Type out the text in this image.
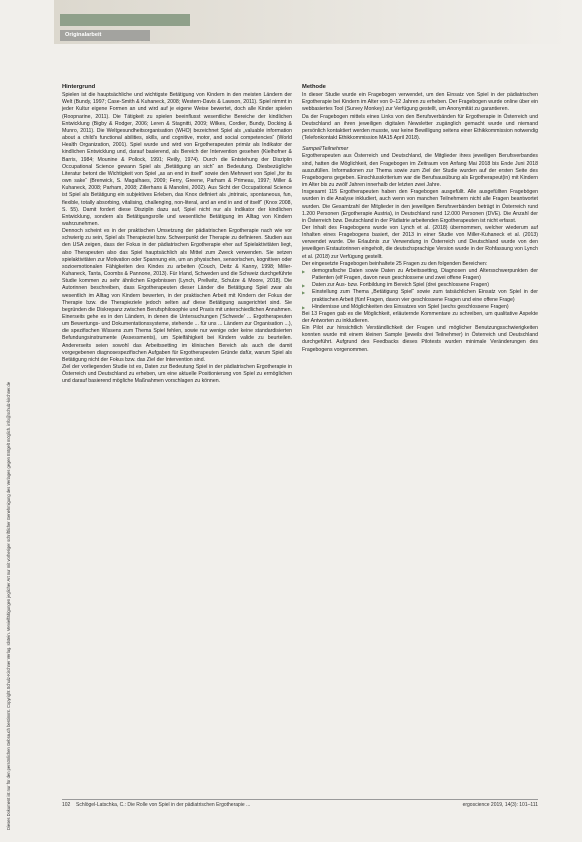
Originalarbeit
Dieses Dokument ist nur für den persönlichen Gebrauch bestimmt. Copyright Schulz-Kirchner Verlag. Idstein. Vervielfältigungen jeglicher Art nur mit vorheriger schriftlicher Genehmigung des Verlages gegen Entgelt möglich. info@schulz-kirchner.de
Hintergrund

Spielen ist die hauptsächliche und wichtigste Betätigung von Kindern in den meisten Ländern der Welt (Bundy, 1997; Case-Smith & Kuhaneck, 2008; Western-Davis & Lawson, 2011). Spiel nimmt in jeder Kultur eigene Formen an und wird auf je eigene Weise bewertet, doch alle Kinder spielen (Roopnarine, 2011). Die Tätigkeit zu spielen beeinflusst wesentliche Bereiche der kindlichen Entwicklung (Bigby & Rodger, 2006; Leren & Stagnitti, 2009; Wilkes, Cordier, Bundy, Docking & Munro, 2011). Die Weltgesundheitsorganisation (WHO) bezeichnet Spiel als „valuable information about a child's functional abilities, skills, and cognitive, motor, and social competencies“ (World Health Organization, 2001). Spiel wurde und wird von Ergotherapeuten primär als Indikator der kindlichen Entwicklung und, darauf basierend, als Bereich der Intervention gesehen (Kielhofner & Barris, 1984; Mounine & Pollock, 1991; Reilly, 1974). Durch die Entstehung der Disziplin Occupational Science gewann Spiel als „Betätigung an sich“ an Bedeutung. Diesbezügliche Literatur betont die Wichtigkeit von Spiel „as an end in itself“ sowie den Mehrwert von Spiel „for its own sake“ (Brenwick, S. Magalhaes, 2009; Ferry, Greene, Parham & Primeau, 1997; Miller & Kuhaneck, 2008; Parham, 2008; Zillerhans & Manolini, 2002). Aus Sicht der Occupational Science ist Spiel als Betätigung ein subjektives Erleben, das Knox definiert als „intrinsic, spontaneous, fun, flexible, totally absorbing, vitalising, challenging, non-literal, and an end in and of itself“ (Knox 2008, S. 55). Damit fordert diese Disziplin dazu auf, Spiel nicht nur als Indikator der kindlichen Entwicklung, sondern als Betätigungsrolle und wesentliche Betätigung im Alltag von Kindern wahrzunehmen.

Dennoch scheint es in der praktischen Umsetzung der pädiatrischen Ergotherapie nach wie vor schwierig zu sein, Spiel als Therapieziel bzw. Schwerpunkt der Therapie zu definieren. Studien aus den USA zeigen, dass der Fokus in der pädiatrischen Ergotherapie eher auf Spielaktivitäten liegt, also Therapeuten also das Spiel hauptsächlich als Mittel zum Zweck verwenden. Sie setzen spielaktivitäten zur Motivation oder Spannung ein, um an physischen, sensorischen, kognitiven oder sozioemotionalen Fähigkeiten des Kindes zu arbeiten (Couch, Deitz & Kanny, 1998; Miller-Kuhaneck, Tanta, Coombs & Pannone, 2013). Für Irland, Schweden und die Schweiz durchgeführte Studie kommen zu sehr ähnlichen Ergebnissen (Lynch, Prellwitz, Schulze & Moore, 2018). Die Autorinnen beschreiben, dass Ergotherapeuten dieser Länder die Betätigung Spiel zwar als wesentlich im Alltag von Kindern bewerten, in der praktischen Arbeit mit Kindern der Fokus der Therapie bzw. die Therapieziele jedoch selten auf diese Betätigung ausgerichtet sind. Sie begründen die Diskrepanz zwischen Berufsphilosophie und Praxis mit unterschiedlichen Annahmen. Einerseits gehe es in den Ländern, in denen die Untersuchungen ('Schwede' ... Ergotherapeuten um Bewertungs- und Dokumentationssysteme, stehende ... für uns ... Ländern zur Organisation ...), die spezifischen Wissens zum Thema Spiel fehlen, sowie nur wenige oder keine standardisierten Befundungsinstrumente (Assessments), um Spielfähigkeit bei Kindern valide zu beurteilen. Andererseits seien sowohl das Arbeitssetting im klinischen Bereich als auch die damit vorgegebenen diagnosespezifischen Aufgaben für Ergotherapeuten Gründe dafür, warum Spiel als Betätigung nicht der Fokus bzw. das Ziel der Intervention sind.

Ziel der vorliegenden Studie ist es, Daten zur Bedeutung Spiel in der pädiatrischen Ergotherapie in Österreich und Deutschland zu erheben, um eine aktuelle Positionierung von Spiel zu ermöglichen und darauf basierend mögliche Maßnahmen vorschlagen zu können.

Methode

In dieser Studie wurde ein Fragebogen verwendet, um den Einsatz von Spiel in der pädiatrischen Ergotherapie bei Kindern im Alter von 0–12 Jahren zu erheben. Der Fragebogen wurde online über ein webbasiertes Tool (Survey Monkey) zur Verfügung gestellt, um Anonymität zu garantieren.

Da der Fragebogen mittels eines Links von den Berufsverbänden für Ergotherapie in Österreich und Deutschland an ihren jeweiligen digitalen Newsletter zugänglich gemacht wurde und niemand persönlich kontaktiert werden musste, war keine Bewilligung seitens einer Ethikkommission notwendig (Telefonkontakt Ethikkommission MA15 April 2018).

Sampel/Teilnehmer

Ergotherapeuten aus Österreich und Deutschland, die Mitglieder ihres jeweiligen Berufsverbandes sind, hatten die Möglichkeit, den Fragebogen im Zeitraum von Anfang Mai 2018 bis Ende Juni 2018 auszufüllen. Informationen zur Thema sowie zum Ziel der Studie wurden auf der ersten Seite des Fragebogens gegeben. Einschlusskriterium war die Berufsausübung als Ergotherapeut(in) mit Kindern im Alter bis zu zwölf Jahren innerhalb der letzten zwei Jahre.

Insgesamt 115 Ergotherapeuten haben den Fragebogen ausgefüllt. Alle ausgefüllten Fragebögen wurden in die Analyse inkludiert, auch wenn von manchen Teilnehmern nicht alle Fragen beantwortet wurden. Die Gesamtzahl der Mitglieder in den jeweiligen Berufsverbänden beträgt in Österreich rund 1.200 Personen (Ergotherapie Austria), in Deutschland rund 12.000 Personen (DVE). Die Anzahl der in Österreich bzw. Deutschland in der Pädiatrie arbeitenden Ergotherapeuten ist nicht erfasst.

Der Inhalt des Fragebogens wurde von Lynch et al. (2018) übernommen, welcher wiederum auf Inhalten eines Fragebogens basiert, der 2013 in einer Studie von Miller-Kuhaneck et al. (2013) verwendet wurde. Die Erlaubnis zur Verwendung in Österreich und Deutschland wurde von den jeweiligen Erstautorinnen eingeholt, die deutschsprachige Version wurde in der Rohfassung von Lynch et al. (2018) zur Verfügung gestellt.

Der eingesetzte Fragebogen beinhaltete 25 Fragen zu den folgenden Bereichen:

▶ demografische Daten sowie Daten zu Arbeitssetting, Diagnosen und Altersschwerpunkten der Patienten (elf Fragen, davon neun geschlossene und zwei offene Fragen)
▶ Daten zur Aus- bzw. Fortbildung im Bereich Spiel (drei geschlossene Fragen)
▶ Einstellung zum Thema „Betätigung Spiel“ sowie zum tatsächlichen Einsatz von Spiel in der praktischen Arbeit (fünf Fragen, davon vier geschlossene Fragen und eine offene Frage)
▶ Hindernisse und Möglichkeiten des Einsatzes von Spiel (sechs geschlossene Fragen)

Bei 13 Fragen gab es die Möglichkeit, erläuternde Kommentare zu schreiben, um qualitative Aspekte der Antworten zu inkludieren.

Ein Pilot zur hinsichtlich Verständlichkeit der Fragen und möglicher Benutzungsschwierigkeiten konnten wurde mit einem kleinen Sample (jeweils drei Teilnehmer) in Österreich und Deutschland durchgeführt. Aufgrund des Feedbacks dieses Pilotests wurden minimale Veränderungen des Fragebogens vorgenommen.

102 Schlögel-Latschka, C.: Die Rolle von Spiel in der pädiatrischen Ergotherapie ...	ergoscience 2019, 14(3): 101–111
